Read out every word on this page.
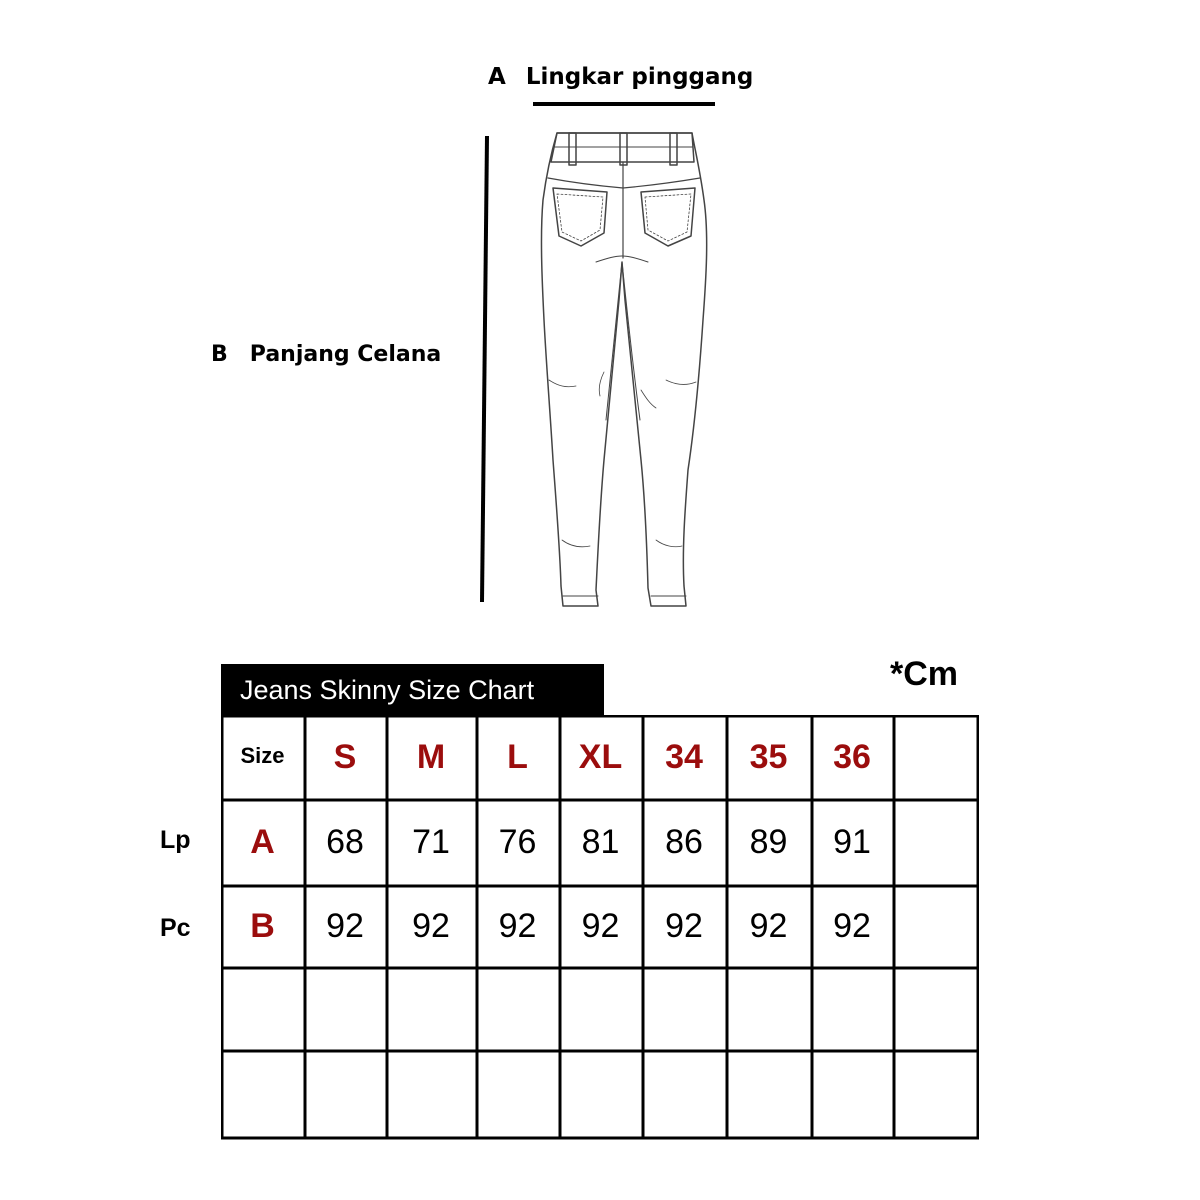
A Lingkar pinggang
B Panjang Celana
Jeans Skinny Size Chart	*Cm
Lp
Pc
Size	S	M	L	XL	34	35	36
A	68	71	76	81	86	89	91
B	92	92	92	92	92	92	92
